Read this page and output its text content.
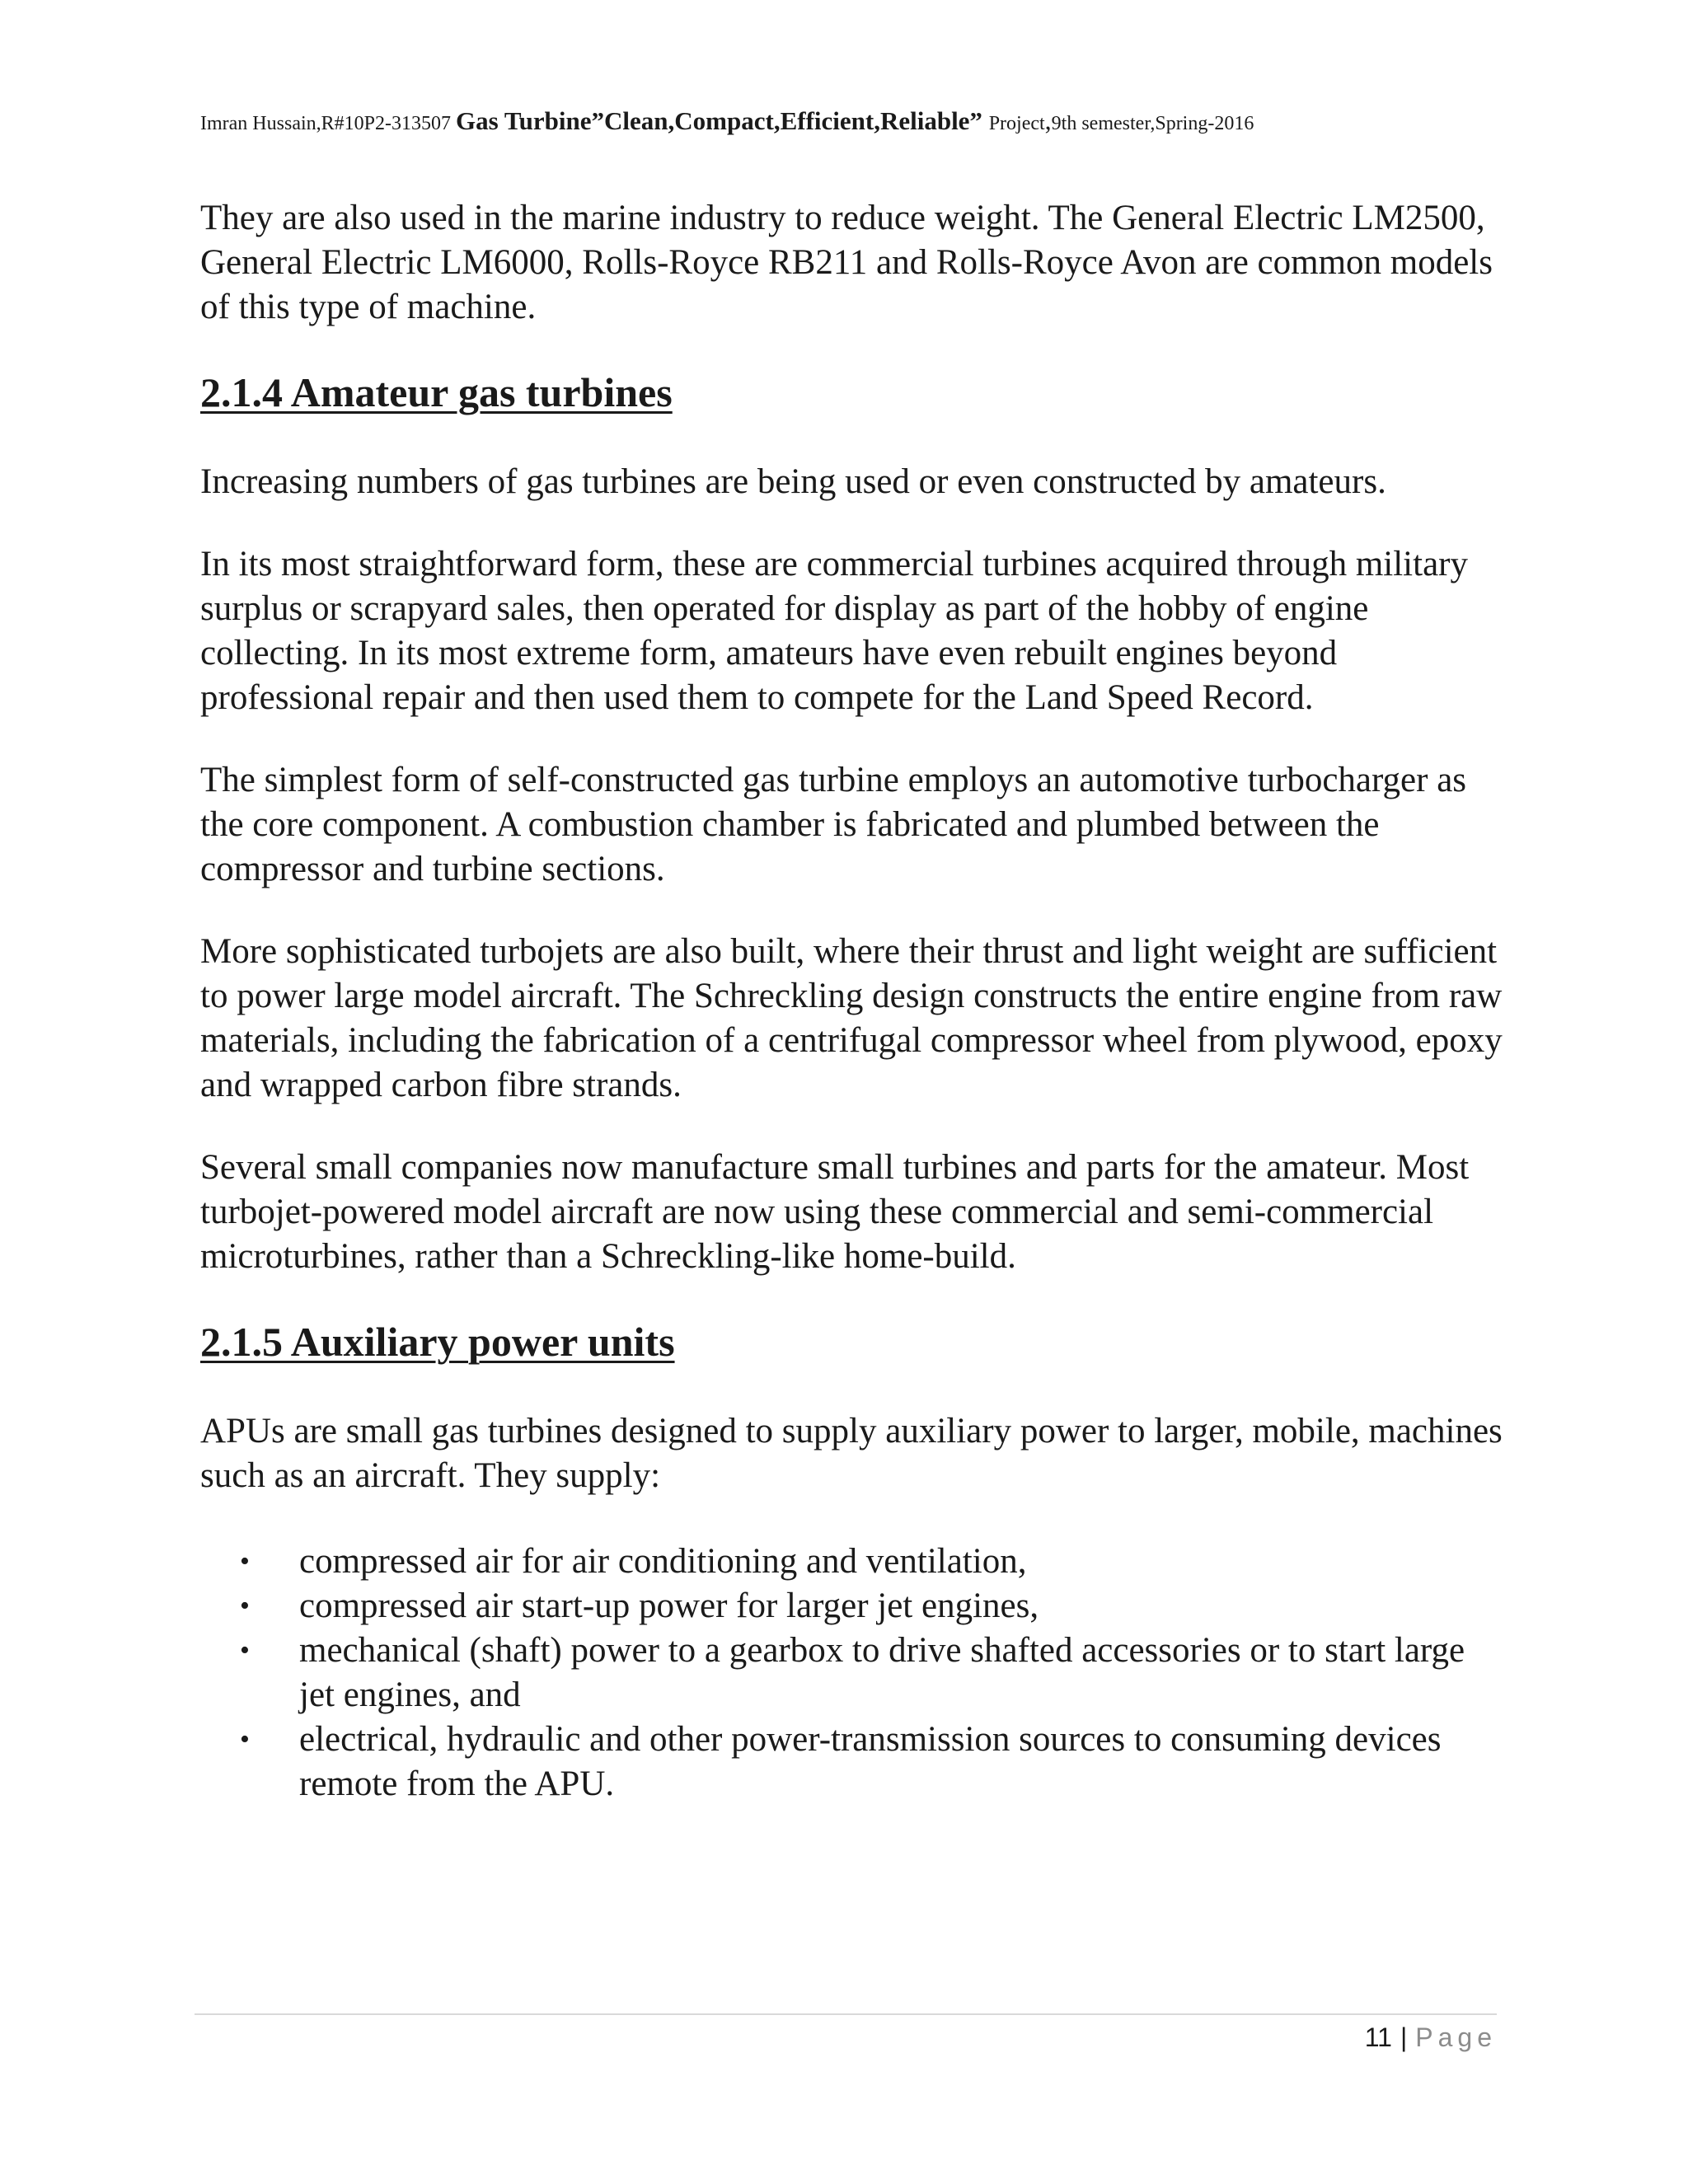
Imran Hussain,R#10P2-313507 Gas Turbine”Clean,Compact,Efficient,Reliable” Project,9th semester,Spring-2016

They are also used in the marine industry to reduce weight. The General Electric LM2500, General Electric LM6000, Rolls-Royce RB211 and Rolls-Royce Avon are common models of this type of machine.

2.1.4 Amateur gas turbines

Increasing numbers of gas turbines are being used or even constructed by amateurs.

In its most straightforward form, these are commercial turbines acquired through military surplus or scrapyard sales, then operated for display as part of the hobby of engine collecting. In its most extreme form, amateurs have even rebuilt engines beyond professional repair and then used them to compete for the Land Speed Record.

The simplest form of self-constructed gas turbine employs an automotive turbocharger as the core component. A combustion chamber is fabricated and plumbed between the compressor and turbine sections.

More sophisticated turbojets are also built, where their thrust and light weight are sufficient to power large model aircraft. The Schreckling design constructs the entire engine from raw materials, including the fabrication of a centrifugal compressor wheel from plywood, epoxy and wrapped carbon fibre strands.

Several small companies now manufacture small turbines and parts for the amateur. Most turbojet-powered model aircraft are now using these commercial and semi-commercial microturbines, rather than a Schreckling-like home-build.

2.1.5 Auxiliary power units

APUs are small gas turbines designed to supply auxiliary power to larger, mobile, machines such as an aircraft. They supply:

• compressed air for air conditioning and ventilation,
• compressed air start-up power for larger jet engines,
• mechanical (shaft) power to a gearbox to drive shafted accessories or to start large jet engines, and
• electrical, hydraulic and other power-transmission sources to consuming devices remote from the APU.
11 | Page
